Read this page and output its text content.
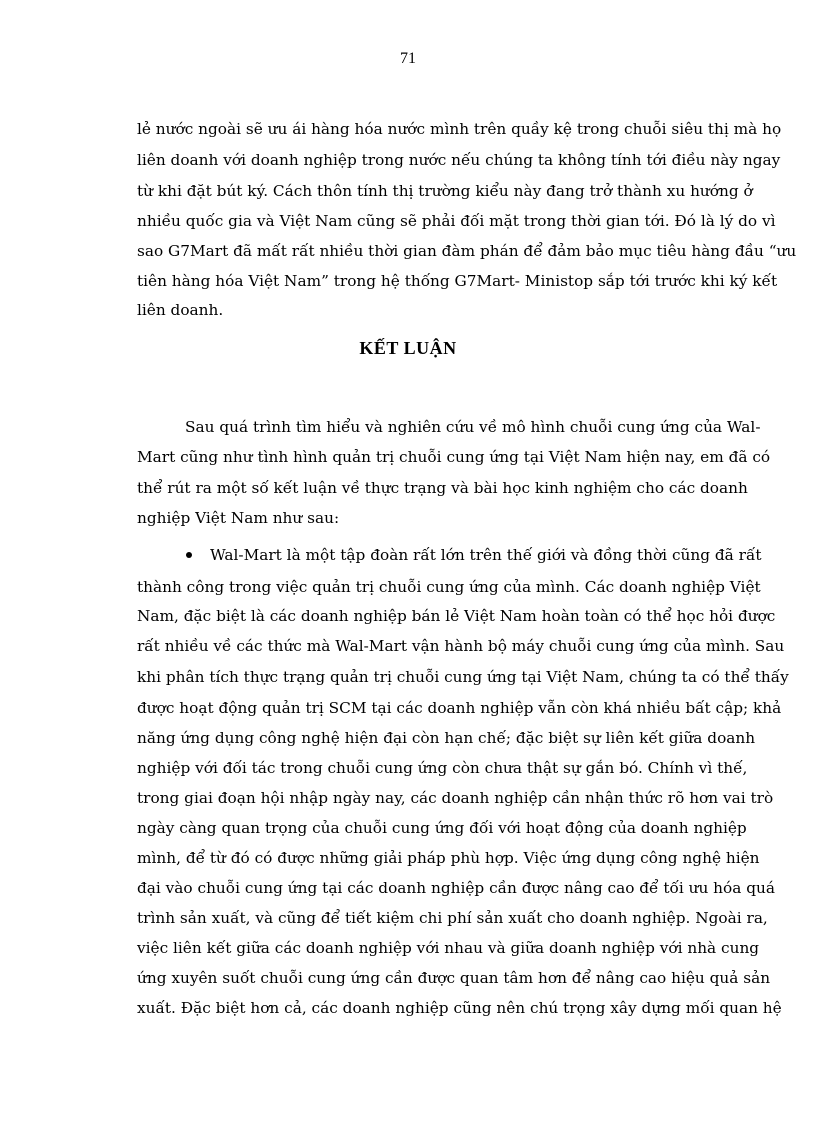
71
lẻ nước ngoài sẽ ưu ái hàng hóa nước mình trên quầy kệ trong chuỗi siêu thị mà họ
liên doanh với doanh nghiệp trong nước nếu chúng ta không tính tới điều này ngay
từ khi đặt bút ký. Cách thôn tính thị trường kiểu này đang trở thành xu hướng ở
nhiều quốc gia và Việt Nam cũng sẽ phải đối mặt trong thời gian tới. Đó là lý do vì
sao G7Mart đã mất rất nhiều thời gian đàm phán để đảm bảo mục tiêu hàng đầu “ưu
tiên hàng hóa Việt Nam” trong hệ thống G7Mart- Ministop sắp tới trước khi ký kết
liên doanh.
KẾT LUẬN
Sau quá trình tìm hiểu và nghiên cứu về mô hình chuỗi cung ứng của Wal-
Mart cũng như tình hình quản trị chuỗi cung ứng tại Việt Nam hiện nay, em đã có
thể rút ra một số kết luận về thực trạng và bài học kinh nghiệm cho các doanh
nghiệp Việt Nam như sau:
Wal-Mart là một tập đoàn rất lớn trên thế giới và đồng thời cũng đã rất
thành công trong việc quản trị chuỗi cung ứng của mình. Các doanh nghiệp Việt
Nam, đặc biệt là các doanh nghiệp bán lẻ Việt Nam hoàn toàn có thể học hỏi được
rất nhiều về các thức mà Wal-Mart vận hành bộ máy chuỗi cung ứng của mình. Sau
khi phân tích thực trạng quản trị chuỗi cung ứng tại Việt Nam, chúng ta có thể thấy
được hoạt động quản trị SCM tại các doanh nghiệp vẫn còn khá nhiều bất cập; khả
năng ứng dụng công nghệ hiện đại còn hạn chế; đặc biệt sự liên kết giữa doanh
nghiệp với đối tác trong chuỗi cung ứng còn chưa thật sự gắn bó. Chính vì thế,
trong giai đoạn hội nhập ngày nay, các doanh nghiệp cần nhận thức rõ hơn vai trò
ngày càng quan trọng của chuỗi cung ứng đối với hoạt động của doanh nghiệp
mình, để từ đó có được những giải pháp phù hợp. Việc ứng dụng công nghệ hiện
đại vào chuỗi cung ứng tại các doanh nghiệp cần được nâng cao để tối ưu hóa quá
trình sản xuất, và cũng để tiết kiệm chi phí sản xuất cho doanh nghiệp. Ngoài ra,
việc liên kết giữa các doanh nghiệp với nhau và giữa doanh nghiệp với nhà cung
ứng xuyên suốt chuỗi cung ứng cần được quan tâm hơn để nâng cao hiệu quả sản
xuất. Đặc biệt hơn cả, các doanh nghiệp cũng nên chú trọng xây dựng mối quan hệ
